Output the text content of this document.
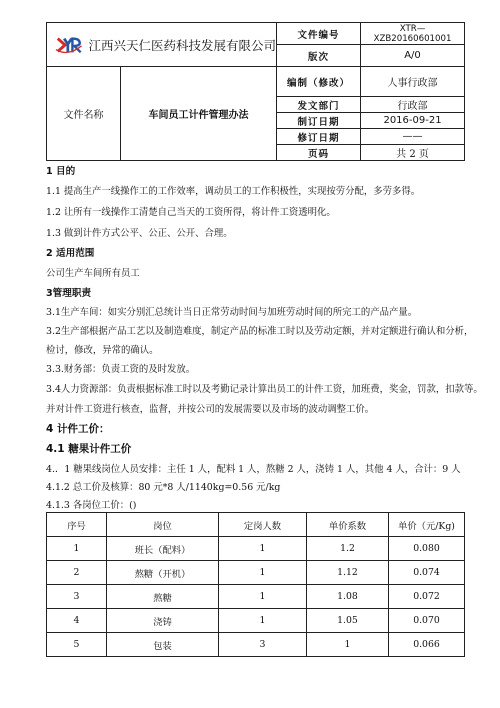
江西兴天仁医药科技发展有限公司		文件编号	XTR—XZB20160601001
		版次	A/0
文件名称	车间员工计件管理办法	编制（修改）	人事行政部
		发文部门	行政部
		制订日期	2016-09-21
		修订日期	——
		页码	共 2 页
1 目的
1.1 提高生产一线操作工的工作效率，调动员工的工作积极性，实现按劳分配，多劳多得。
1.2 让所有一线操作工清楚自己当天的工资所得，将计件工资透明化。
1.3 做到计件方式公平、公正、公开、合理。
2 适用范围
公司生产车间所有员工
3管理职责
3.1生产车间：如实分别汇总统计当日正常劳动时间与加班劳动时间的所完工的产品产量。
3.2生产部根据产品工艺以及制造难度，制定产品的标准工时以及劳动定额，并对定额进行确认和分析，
检讨，修改，异常的确认。
3.3.财务部：负责工资的及时发放。
3.4人力资源部：负责根据标准工时以及考勤记录计算出员工的计件工资，加班费，奖金，罚款，扣款等。
并对计件工资进行核查，监督，并按公司的发展需要以及市场的波动调整工价。
4 计件工价：
4.1 糖果计件工价
4.．1 糖果线岗位人员安排：主任 1 人，配料 1 人，熬糖 2 人，浇铸 1 人，其他 4 人，合计：9 人
4.1.2 总工价及核算：80 元*8 人/1140kg=0.56 元/kg
4.1.3 各岗位工价：()
序号	岗位	定岗人数	单价系数	单价（元/Kg)
1	班长（配料）	1	1.2	0.080
2	熬糖（开机）	1	1.12	0.074
3	熬糖	1	1.08	0.072
4	浇铸	1	1.05	0.070
5	包装	3	1	0.066
